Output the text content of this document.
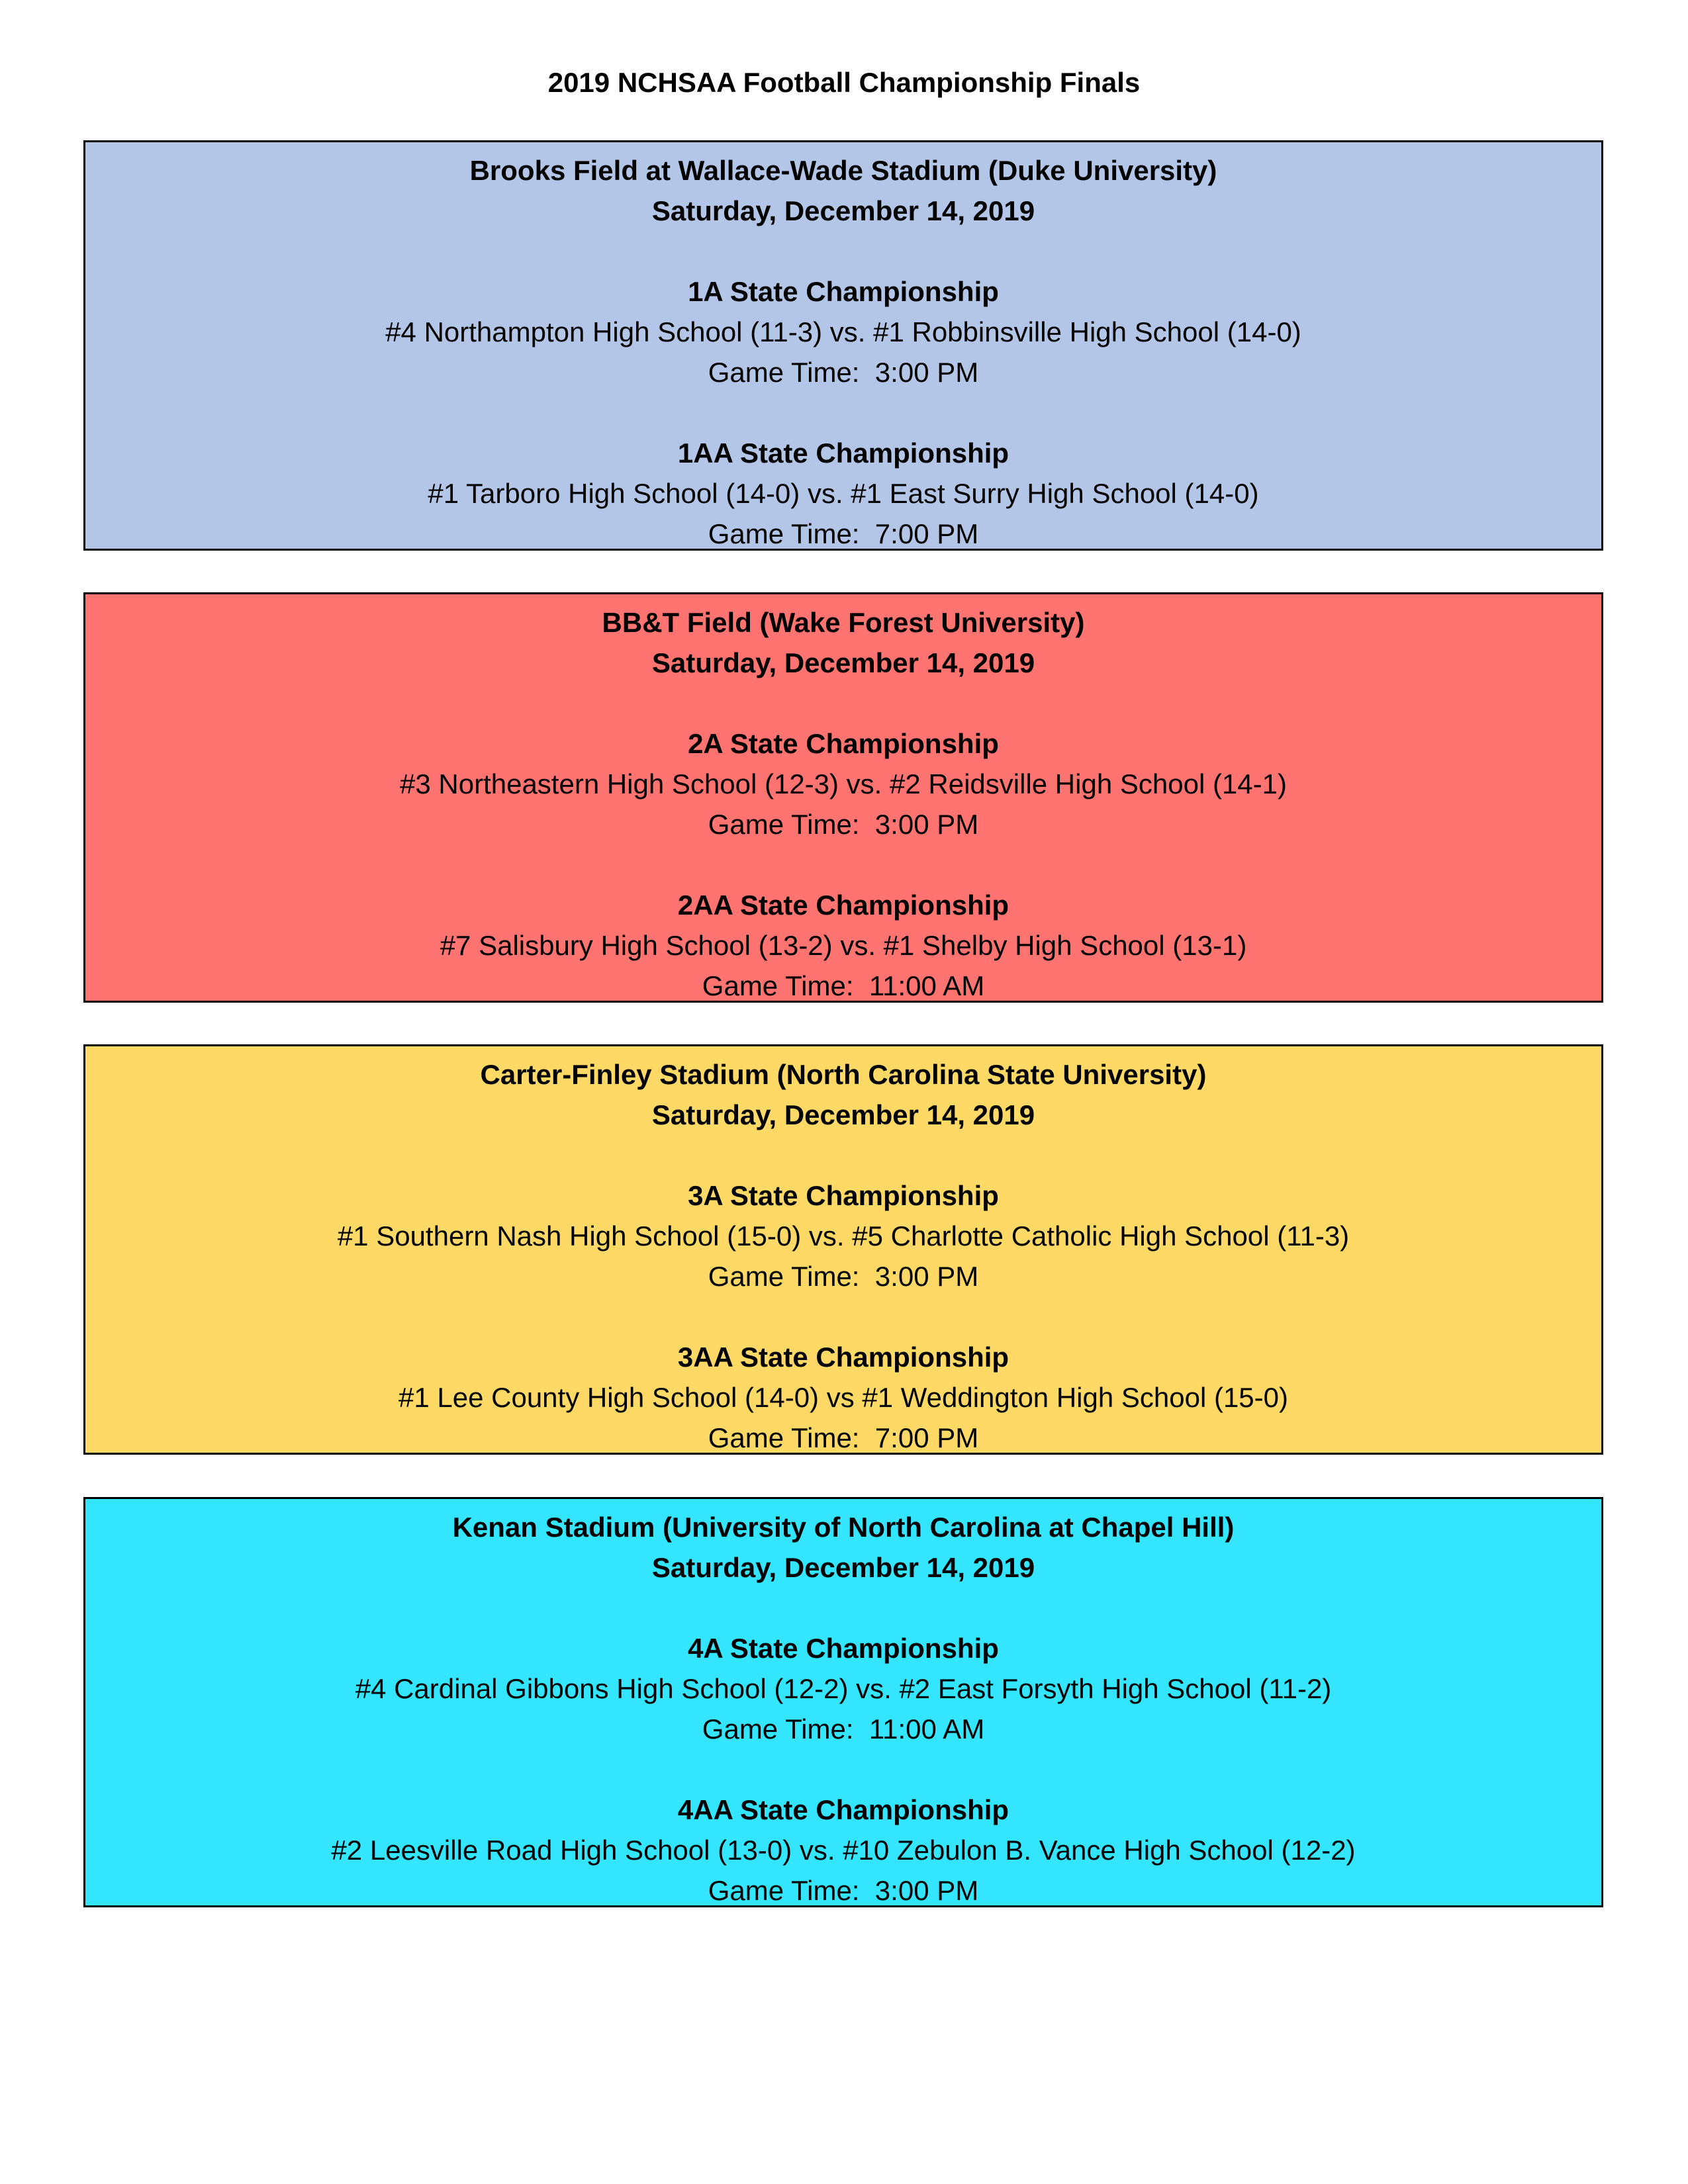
2019 NCHSAA Football Championship Finals
Brooks Field at Wallace-Wade Stadium (Duke University)
Saturday, December 14, 2019
1A State Championship
#4 Northampton High School (11-3) vs. #1 Robbinsville High School (14-0)
Game Time:  3:00 PM
1AA State Championship
#1 Tarboro High School (14-0) vs. #1 East Surry High School (14-0)
Game Time:  7:00 PM
BB&T Field (Wake Forest University)
Saturday, December 14, 2019
2A State Championship
#3 Northeastern High School (12-3) vs. #2 Reidsville High School (14-1)
Game Time:  3:00 PM
2AA State Championship
#7 Salisbury High School (13-2) vs. #1 Shelby High School (13-1)
Game Time:  11:00 AM
Carter-Finley Stadium (North Carolina State University)
Saturday, December 14, 2019
3A State Championship
#1 Southern Nash High School (15-0) vs. #5 Charlotte Catholic High School (11-3)
Game Time:  3:00 PM
3AA State Championship
#1 Lee County High School (14-0) vs #1 Weddington High School (15-0)
Game Time:  7:00 PM
Kenan Stadium (University of North Carolina at Chapel Hill)
Saturday, December 14, 2019
4A State Championship
#4 Cardinal Gibbons High School (12-2) vs. #2 East Forsyth High School (11-2)
Game Time:  11:00 AM
4AA State Championship
#2 Leesville Road High School (13-0) vs. #10 Zebulon B. Vance High School (12-2)
Game Time:  3:00 PM
